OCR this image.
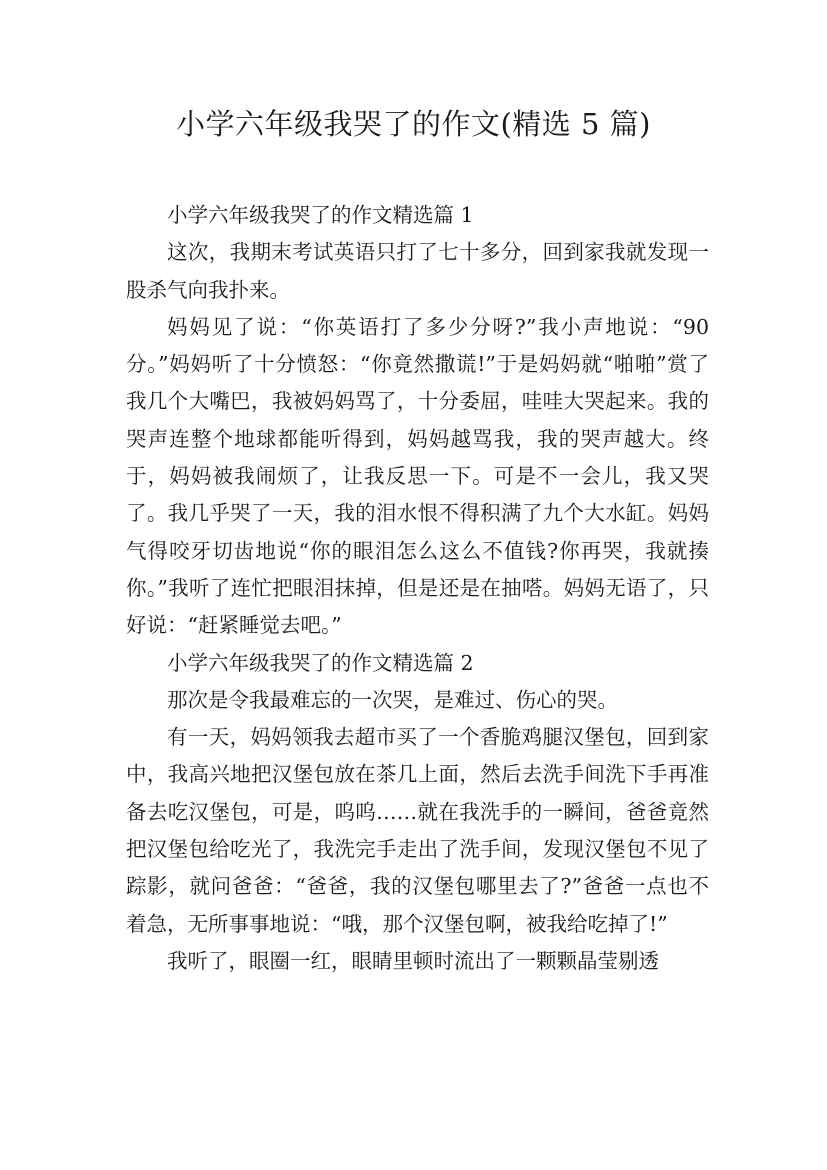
小学六年级我哭了的作文(精选 5 篇)

小学六年级我哭了的作文精选篇 1

这次，我期末考试英语只打了七十多分，回到家我就发现一股杀气向我扑来。

妈妈见了说：“你英语打了多少分呀?”我小声地说：“90分。”妈妈听了十分愤怒：“你竟然撒谎!”于是妈妈就“啪啪”赏了我几个大嘴巴，我被妈妈骂了，十分委屈，哇哇大哭起来。我的哭声连整个地球都能听得到，妈妈越骂我，我的哭声越大。终于，妈妈被我闹烦了，让我反思一下。可是不一会儿，我又哭了。我几乎哭了一天，我的泪水恨不得积满了九个大水缸。妈妈气得咬牙切齿地说“你的眼泪怎么这么不值钱?你再哭，我就揍你。”我听了连忙把眼泪抹掉，但是还是在抽嗒。妈妈无语了，只好说：“赶紧睡觉去吧。”

小学六年级我哭了的作文精选篇 2

那次是令我最难忘的一次哭，是难过、伤心的哭。

有一天，妈妈领我去超市买了一个香脆鸡腿汉堡包，回到家中，我高兴地把汉堡包放在茶几上面，然后去洗手间洗下手再准备去吃汉堡包，可是，呜呜……就在我洗手的一瞬间，爸爸竟然把汉堡包给吃光了，我洗完手走出了洗手间，发现汉堡包不见了踪影，就问爸爸：“爸爸，我的汉堡包哪里去了?”爸爸一点也不着急，无所事事地说：“哦，那个汉堡包啊，被我给吃掉了!”

我听了，眼圈一红，眼睛里顿时流出了一颗颗晶莹剔透
